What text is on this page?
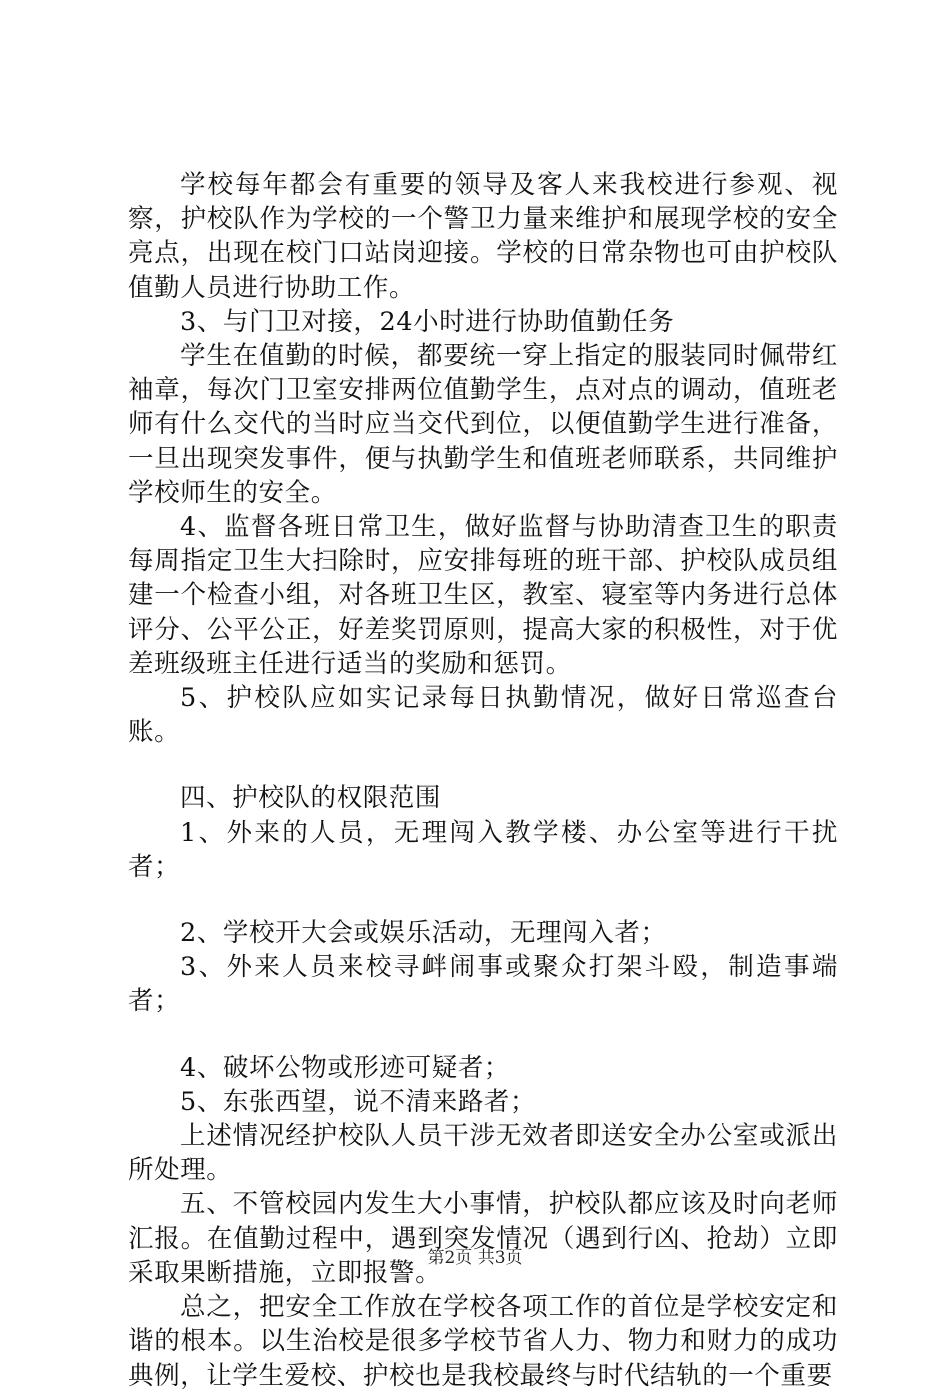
学校每年都会有重要的领导及客人来我校进行参观、视察，护校队作为学校的一个警卫力量来维护和展现学校的安全亮点，出现在校门口站岗迎接。学校的日常杂物也可由护校队值勤人员进行协助工作。

3、与门卫对接，24小时进行协助值勤任务

学生在值勤的时候，都要统一穿上指定的服装同时佩带红袖章，每次门卫室安排两位值勤学生，点对点的调动，值班老师有什么交代的当时应当交代到位，以便值勤学生进行准备，一旦出现突发事件，便与执勤学生和值班老师联系，共同维护学校师生的安全。

4、监督各班日常卫生，做好监督与协助清查卫生的职责每周指定卫生大扫除时，应安排每班的班干部、护校队成员组建一个检查小组，对各班卫生区，教室、寝室等内务进行总体评分、公平公正，好差奖罚原则，提高大家的积极性，对于优差班级班主任进行适当的奖励和惩罚。

5、护校队应如实记录每日执勤情况，做好日常巡查台账。

四、护校队的权限范围

1、外来的人员，无理闯入教学楼、办公室等进行干扰者；

2、学校开大会或娱乐活动，无理闯入者；

3、外来人员来校寻衅闹事或聚众打架斗殴，制造事端者；

4、破坏公物或形迹可疑者；

5、东张西望，说不清来路者；

上述情况经护校队人员干涉无效者即送安全办公室或派出所处理。

五、不管校园内发生大小事情，护校队都应该及时向老师汇报。在值勤过程中，遇到突发情况（遇到行凶、抢劫）立即采取果断措施，立即报警。

总之，把安全工作放在学校各项工作的首位是学校安定和谐的根本。以生治校是很多学校节省人力、物力和财力的成功典例，让学生爱校、护校也是我校最终与时代结轨的一个重要

第2页 共3页
